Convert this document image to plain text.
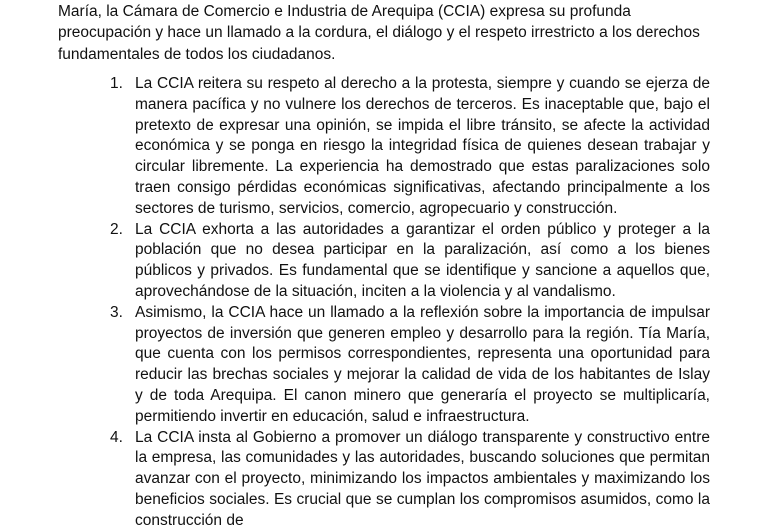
María, la Cámara de Comercio e Industria de Arequipa (CCIA) expresa su profunda preocupación y hace un llamado a la cordura, el diálogo y el respeto irrestricto a los derechos fundamentales de todos los ciudadanos.

1. La CCIA reitera su respeto al derecho a la protesta, siempre y cuando se ejerza de manera pacífica y no vulnere los derechos de terceros. Es inaceptable que, bajo el pretexto de expresar una opinión, se impida el libre tránsito, se afecte la actividad económica y se ponga en riesgo la integridad física de quienes desean trabajar y circular libremente. La experiencia ha demostrado que estas paralizaciones solo traen consigo pérdidas económicas significativas, afectando principalmente a los sectores de turismo, servicios, comercio, agropecuario y construcción.
2. La CCIA exhorta a las autoridades a garantizar el orden público y proteger a la población que no desea participar en la paralización, así como a los bienes públicos y privados. Es fundamental que se identifique y sancione a aquellos que, aprovechándose de la situación, inciten a la violencia y al vandalismo.
3. Asimismo, la CCIA hace un llamado a la reflexión sobre la importancia de impulsar proyectos de inversión que generen empleo y desarrollo para la región. Tía María, que cuenta con los permisos correspondientes, representa una oportunidad para reducir las brechas sociales y mejorar la calidad de vida de los habitantes de Islay y de toda Arequipa. El canon minero que generaría el proyecto se multiplicaría, permitiendo invertir en educación, salud e infraestructura.
4. La CCIA insta al Gobierno a promover un diálogo transparente y constructivo entre la empresa, las comunidades y las autoridades, buscando soluciones que permitan avanzar con el proyecto, minimizando los impactos ambientales y maximizando los beneficios sociales. Es crucial que se cumplan los compromisos asumidos, como la construcción de
